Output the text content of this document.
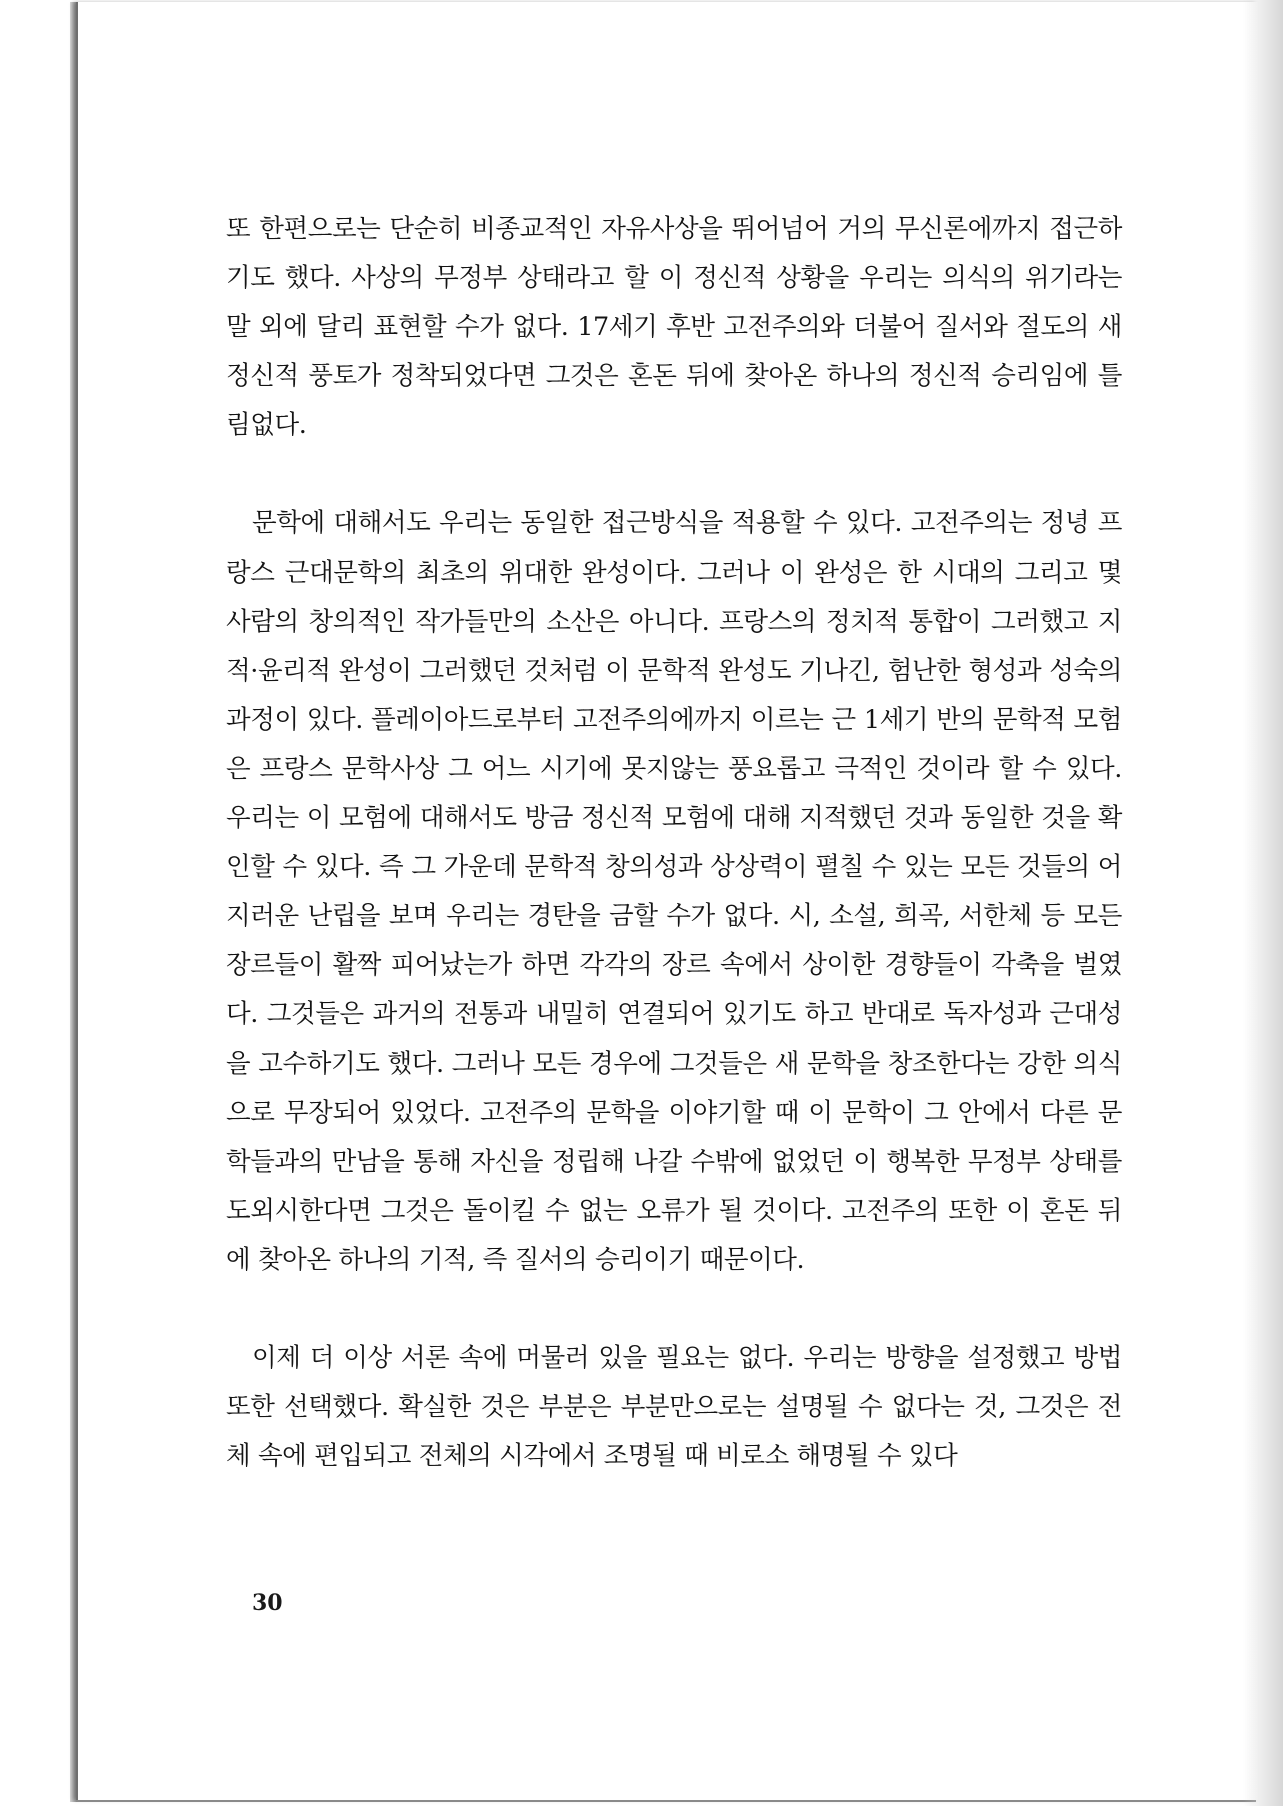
또 한편으로는 단순히 비종교적인 자유사상을 뛰어넘어 거의 무신론에까지 접근하기도 했다. 사상의 무정부 상태라고 할 이 정신적 상황을 우리는 의식의 위기라는 말 외에 달리 표현할 수가 없다. 17세기 후반 고전주의와 더불어 질서와 절도의 새 정신적 풍토가 정착되었다면 그것은 혼돈 뒤에 찾아온 하나의 정신적 승리임에 틀림없다.

문학에 대해서도 우리는 동일한 접근방식을 적용할 수 있다. 고전주의는 정녕 프랑스 근대문학의 최초의 위대한 완성이다. 그러나 이 완성은 한 시대의 그리고 몇 사람의 창의적인 작가들만의 소산은 아니다. 프랑스의 정치적 통합이 그러했고 지적·윤리적 완성이 그러했던 것처럼 이 문학적 완성도 기나긴, 험난한 형성과 성숙의 과정이 있다. 플레이아드로부터 고전주의에까지 이르는 근 1세기 반의 문학적 모험은 프랑스 문학사상 그 어느 시기에 못지않는 풍요롭고 극적인 것이라 할 수 있다. 우리는 이 모험에 대해서도 방금 정신적 모험에 대해 지적했던 것과 동일한 것을 확인할 수 있다. 즉 그 가운데 문학적 창의성과 상상력이 펼칠 수 있는 모든 것들의 어지러운 난립을 보며 우리는 경탄을 금할 수가 없다. 시, 소설, 희곡, 서한체 등 모든 장르들이 활짝 피어났는가 하면 각각의 장르 속에서 상이한 경향들이 각축을 벌였다. 그것들은 과거의 전통과 내밀히 연결되어 있기도 하고 반대로 독자성과 근대성을 고수하기도 했다. 그러나 모든 경우에 그것들은 새 문학을 창조한다는 강한 의식으로 무장되어 있었다. 고전주의 문학을 이야기할 때 이 문학이 그 안에서 다른 문학들과의 만남을 통해 자신을 정립해 나갈 수밖에 없었던 이 행복한 무정부 상태를 도외시한다면 그것은 돌이킬 수 없는 오류가 될 것이다. 고전주의 또한 이 혼돈 뒤에 찾아온 하나의 기적, 즉 질서의 승리이기 때문이다.

이제 더 이상 서론 속에 머물러 있을 필요는 없다. 우리는 방향을 설정했고 방법 또한 선택했다. 확실한 것은 부분은 부분만으로는 설명될 수 없다는 것, 그것은 전체 속에 편입되고 전체의 시각에서 조명될 때 비로소 해명될 수 있다

30
